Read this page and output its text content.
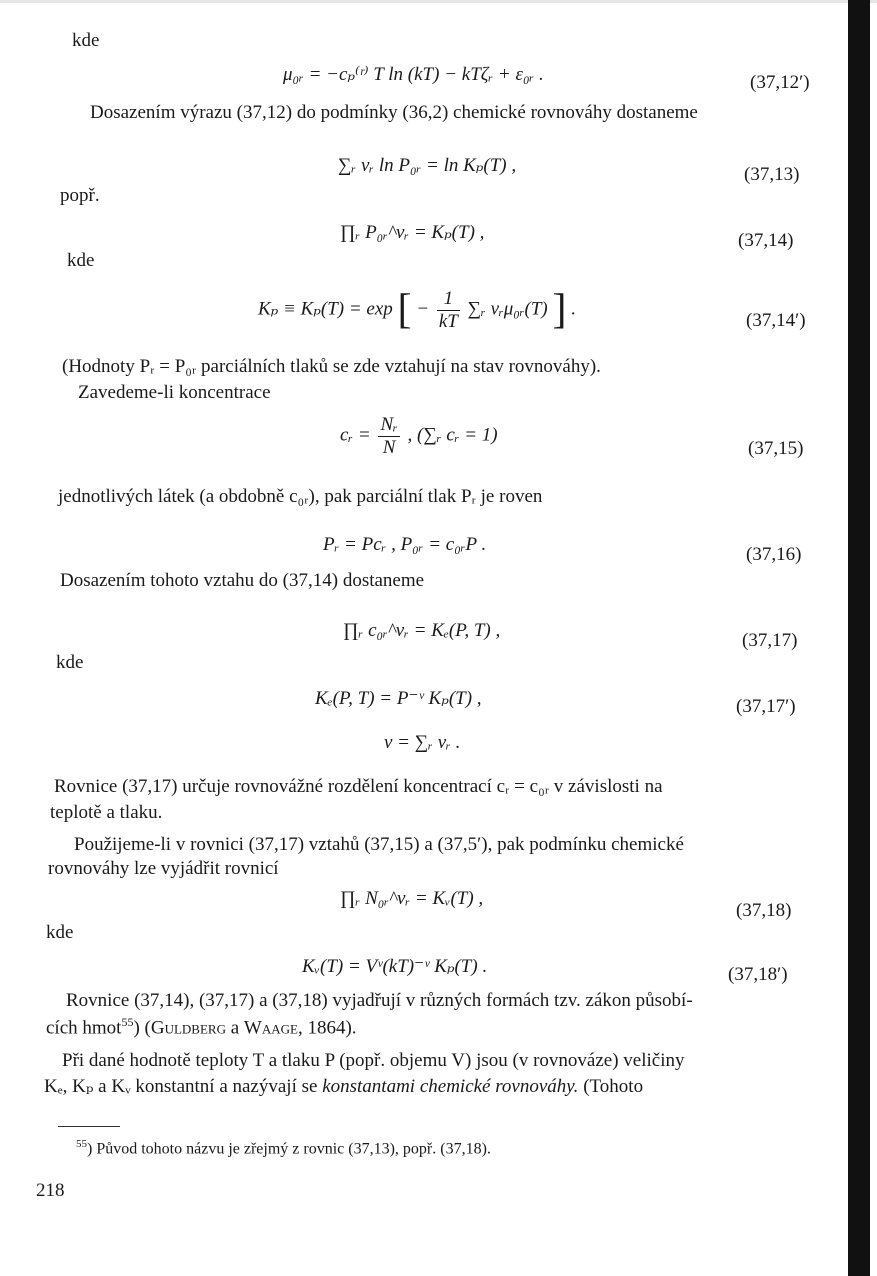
kde
μ₀ᵣ = −cₚ⁽ʳ⁾ T ln (kT) − kTζᵣ + ε₀ᵣ .	(37,12′)
Dosazením výrazu (37,12) do podmínky (36,2) chemické rovnováhy dostaneme
∑ᵣ νᵣ ln P₀ᵣ = ln Kₚ(T) ,	(37,13)
popř.
∏ᵣ P₀ᵣ^νᵣ = Kₚ(T) ,	(37,14)
kde
Kₚ ≡ Kₚ(T) = exp [ − $\frac{1}{kT}$ ∑ᵣ νᵣμ₀ᵣ(T) ] .
(37,14′)
(Hodnoty Pᵣ = P₀ᵣ parciálních tlaků se zde vztahují na stav rovnováhy).
Zavedeme-li koncentrace
cᵣ = $\frac{\text{Nᵣ}}{N}$ , (∑ᵣ cᵣ = 1)
(37,15)
jednotlivých látek (a obdobně c₀ᵣ), pak parciální tlak Pᵣ je roven
Pᵣ = Pcᵣ , P₀ᵣ = c₀ᵣP .	(37,16)
Dosazením tohoto vztahu do (37,14) dostaneme
∏ᵣ c₀ᵣ^νᵣ = Kₑ(P, T) ,	(37,17)
kde
Kₑ(P, T) = P⁻ᵛ Kₚ(T) ,	(37,17′)
ν = ∑ᵣ νᵣ .
Rovnice (37,17) určuje rovnovážné rozdělení koncentrací cᵣ = c₀ᵣ v závislosti na
teplotě a tlaku.
Použijeme-li v rovnici (37,17) vztahů (37,15) a (37,5′), pak podmínku chemické
rovnováhy lze vyjádřit rovnicí
∏ᵣ N₀ᵣ^νᵣ = Kᵥ(T) ,
(37,18)
kde
Kᵥ(T) = Vᵛ(kT)⁻ᵛ Kₚ(T) .	(37,18′)
Rovnice (37,14), (37,17) a (37,18) vyjadřují v různých formách tzv. zákon působí-
cích hmot$^{55}$) (Guldberg a Waage, 1864).
Při dané hodnotě teploty T a tlaku P (popř. objemu V) jsou (v rovnováze) veličiny
Kₑ, Kₚ a Kᵥ konstantní a nazývají se konstantami chemické rovnováhy. (Tohoto
$^{55}$) Původ tohoto názvu je zřejmý z rovnic (37,13), popř. (37,18).
218
